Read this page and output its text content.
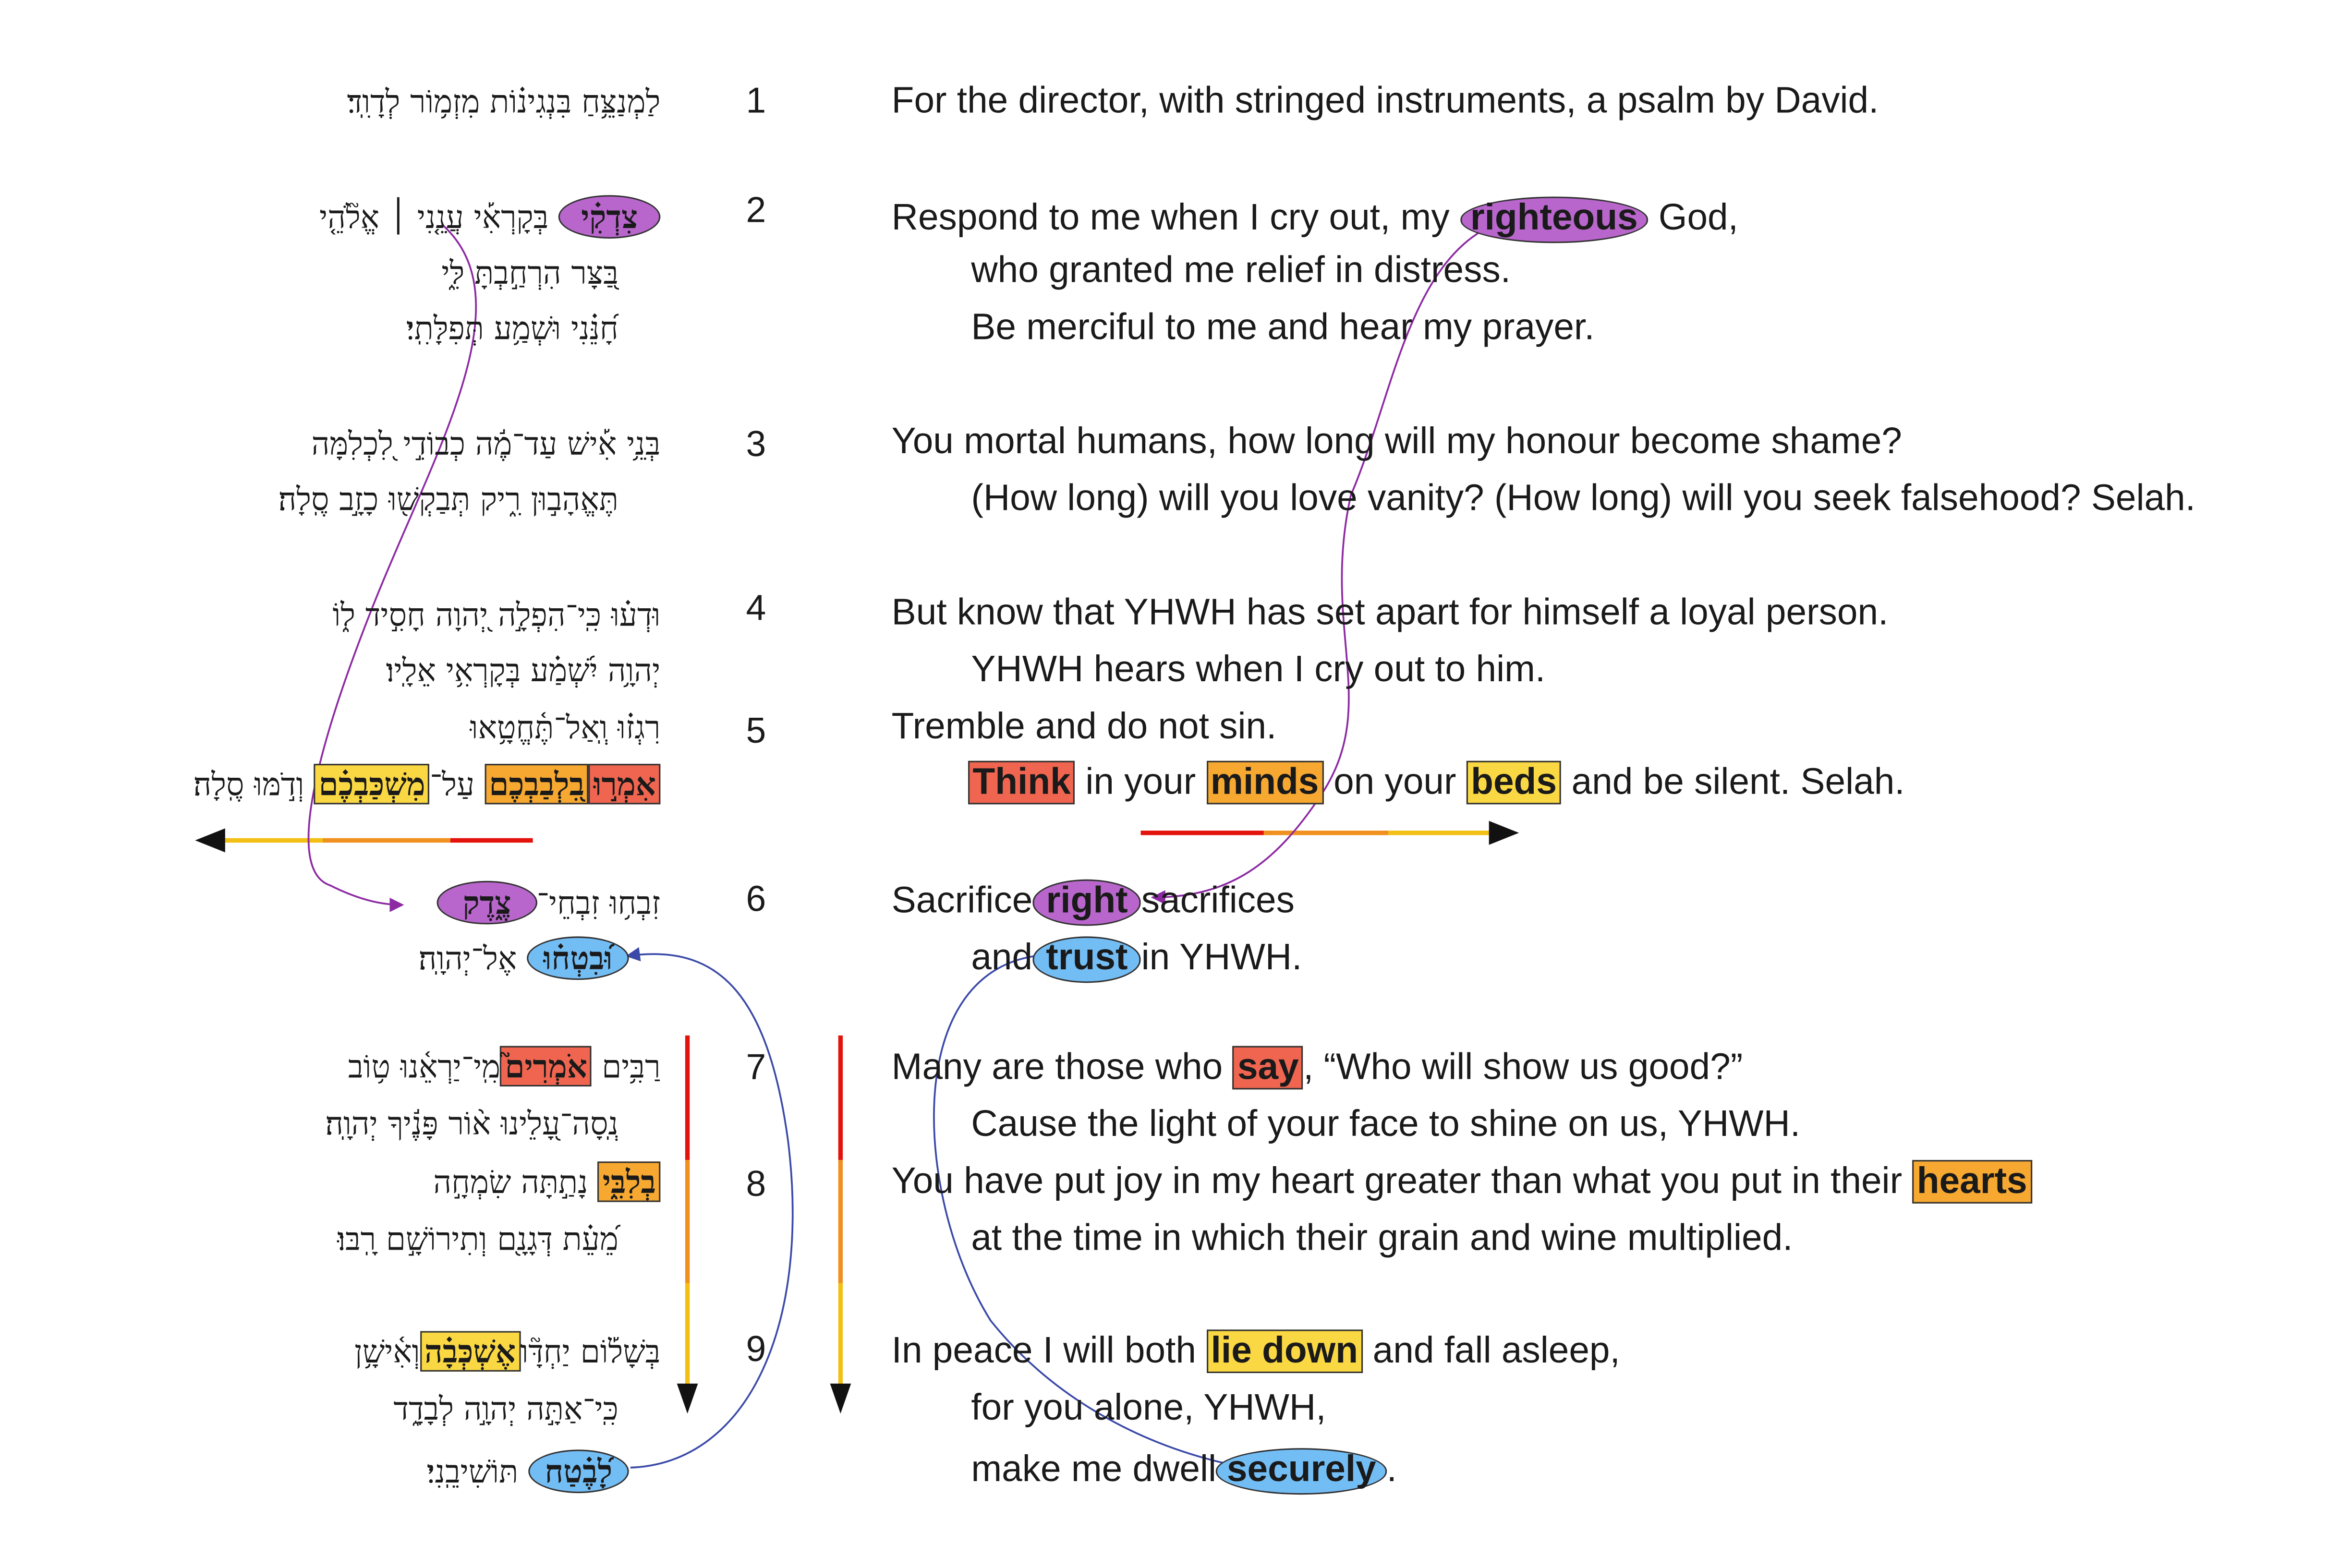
1
לַמְנַצֵּ֥חַ בִּנְגִינ֗וֹת מִזְמ֥וֹר לְדָוִֽד׃	For the director, with stringed instruments, a psalm by David.
2
צִדְקִ֗י בְּקָרְאִ֡י עֲנֵ֤נִי ׀ אֱלֹ֘הֵ֤י
בַּ֭צָּר הִרְחַ֣בְתָּ לִּ֑י
חָ֝נֵּ֗נִי וּשְׁמַ֥ע תְּפִלָּתִֽי׃
Respond to me when I cry out, my righteous God,
who granted me relief in distress.
Be merciful to me and hear my prayer.
3
בְּנֵ֥י אִ֡ישׁ עַד־מֶ֬ה כְבוֹדִ֣י לִ֭כְלִמָּה
תֶּאֱהָב֣וּן רִ֑יק תְּבַקְשׁ֖וּ כָזָ֣ב סֶֽלָה׃
You mortal humans, how long will my honour become shame?
(How long) will you love vanity? (How long) will you seek falsehood? Selah.
4
וּדְע֗וּ כִּֽי־הִפְלָ֣ה יְ֭הוָה חָסִ֣יד ל֑וֹ
יְהוָ֥ה יִ֝שְׁמַ֗ע בְּקָרְאִ֥י אֵלָֽיו׃
But know that YHWH has set apart for himself a loyal person.
YHWH hears when I cry out to him.
5
רִגְז֗וּ וְֽאַל־תֶּ֫חֱטָ֥אוּ
אִמְר֣וּבִ֭לְבַבְכֶם עַל־מִשְׁכַּבְכֶ֗ם וְדֹ֣מּוּ סֶֽלָה׃
Tremble and do not sin.
Think in your minds on your beds and be silent. Selah.
6
זִבְח֥וּ זִבְחֵי־צֶ֑דֶק
וּ֝בִטְח֗וּ אֶל־יְהוָֽה׃
Sacrifice right sacrifices
and trust in YHWH.
7
רַבִּ֥ים אֹמְרִים֮מִֽי־יַרְאֵ֫נוּ ט֥וֹב
נְֽסָה־עָ֭לֵינוּ א֨וֹר פָּנֶ֬יךָ יְהוָֽה׃
Many are those who say , “Who will show us good?”
Cause the light of your face to shine on us, YHWH.
8
בְלִבִּ֑י נָתַ֣תָּה שִׂמְחָ֣ה
מֵ֝עֵ֗ת דְּגָנָ֖ם וְתִירוֹשָׁ֣ם רָֽבּוּ׃
You have put joy in my heart greater than what you put in their hearts
at the time in which their grain and wine multiplied.
9
בְּשָׁל֡וֹם יַחְדָּ֘ואֶשְׁכְּבָ֗הוְאִ֫ישָׁ֥ן
כִּֽי־אַתָּ֣ה יְהוָ֣ה לְבָדָ֑ד
לָ֝בֶ֗טַח תּוֹשִׁיבֵֽנִי׃
In peace I will both lie down and fall asleep,
for you alone, YHWH,
make me dwell securely .
